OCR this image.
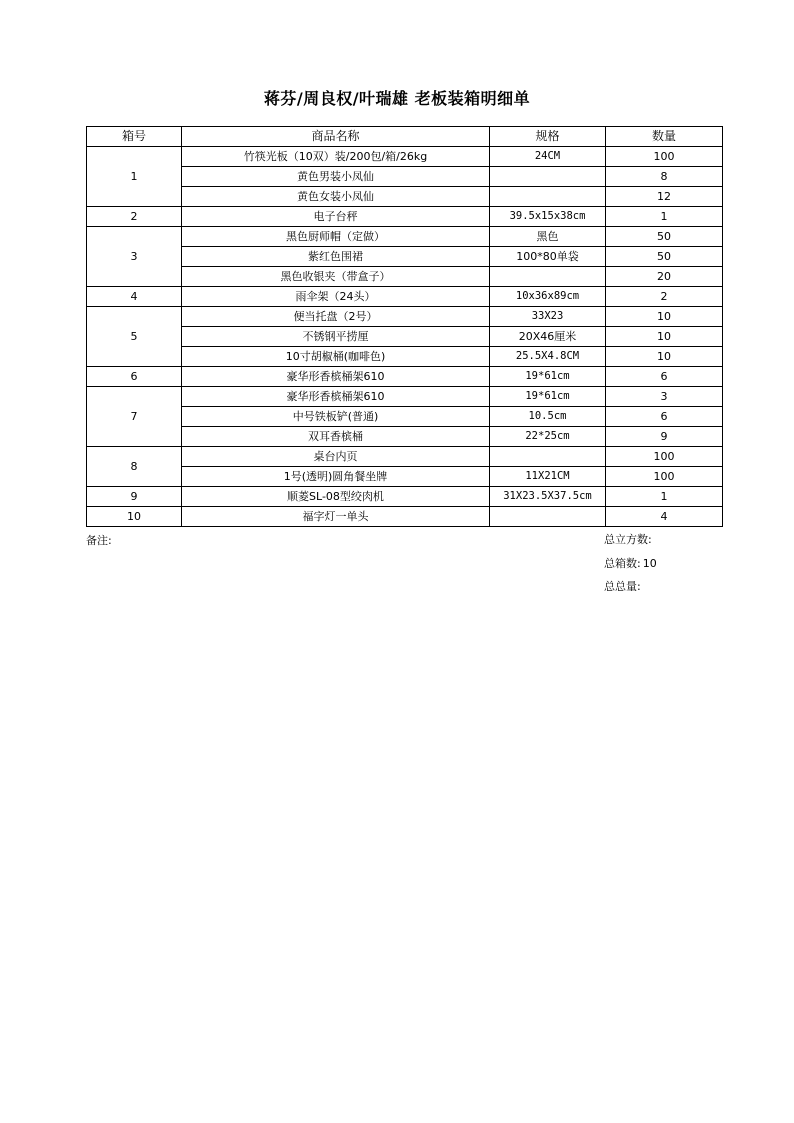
蒋芬/周良权/叶瑞雄 老板装箱明细单
箱号	商品名称	规格	数量
1	竹筷光板（10双）装/200包/箱/26kg	24CM	100
	黄色男装小凤仙		8
	黄色女装小凤仙		12
2	电子台秤	39.5x15x38cm	1
3	黑色厨师帽（定做）	黑色	50
	紫红色围裙	100*80单袋	50
	黑色收银夹（带盒子）		20
4	雨伞架（24头）	10x36x89cm	2
5	便当托盘（2号）	33X23	10
	不锈钢平捞厘	20X46厘米	10
	10寸胡椒桶(咖啡色)	25.5X4.8CM	10
6	豪华形香槟桶架610	19*61cm	6
7	豪华形香槟桶架610	19*61cm	3
	中号铁板铲(普通)	10.5cm	6
	双耳香槟桶	22*25cm	9
8	桌台内页		100
	1号(透明)圆角餐坐牌	11X21CM	100
9	顺菱SL-08型绞肉机	31X23.5X37.5cm	1
10	福字灯一单头		4
备注:	总立方数:
总箱数: 10
总总量:
